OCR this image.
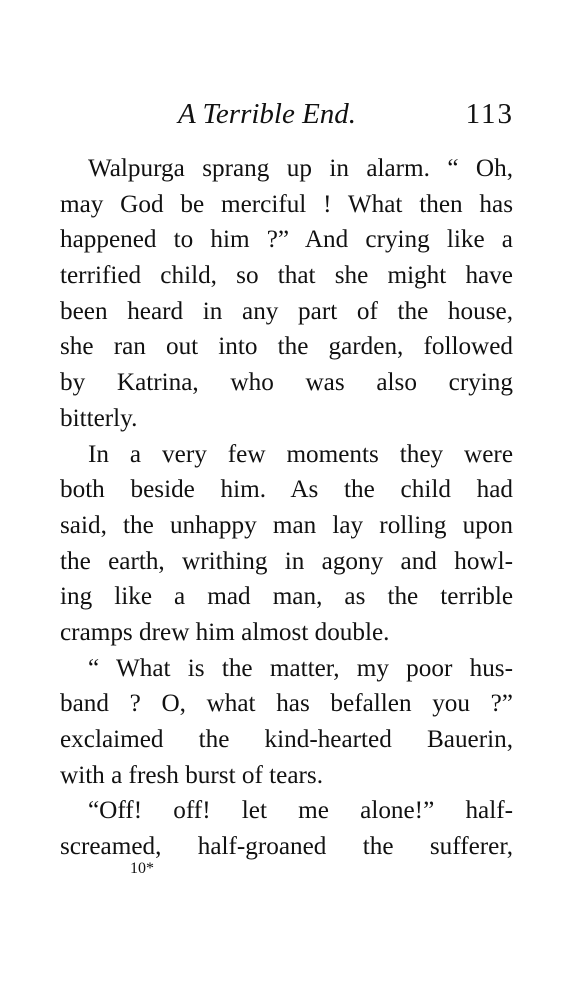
A Terrible End.	113

Walpurga sprang up in alarm. “ Oh,
may God be merciful ! What then has
happened to him ?” And crying like a
terrified child, so that she might have
been heard in any part of the house,
she ran out into the garden, followed
by Katrina, who was also crying
bitterly.

In a very few moments they were
both beside him. As the child had
said, the unhappy man lay rolling upon
the earth, writhing in agony and howl-
ing like a mad man, as the terrible
cramps drew him almost double.

“ What is the matter, my poor hus-
band ? O, what has befallen you ?”
exclaimed the kind-hearted Bauerin,
with a fresh burst of tears.

“Off! off! let me alone!” half-
screamed, half-groaned the sufferer,

10*
